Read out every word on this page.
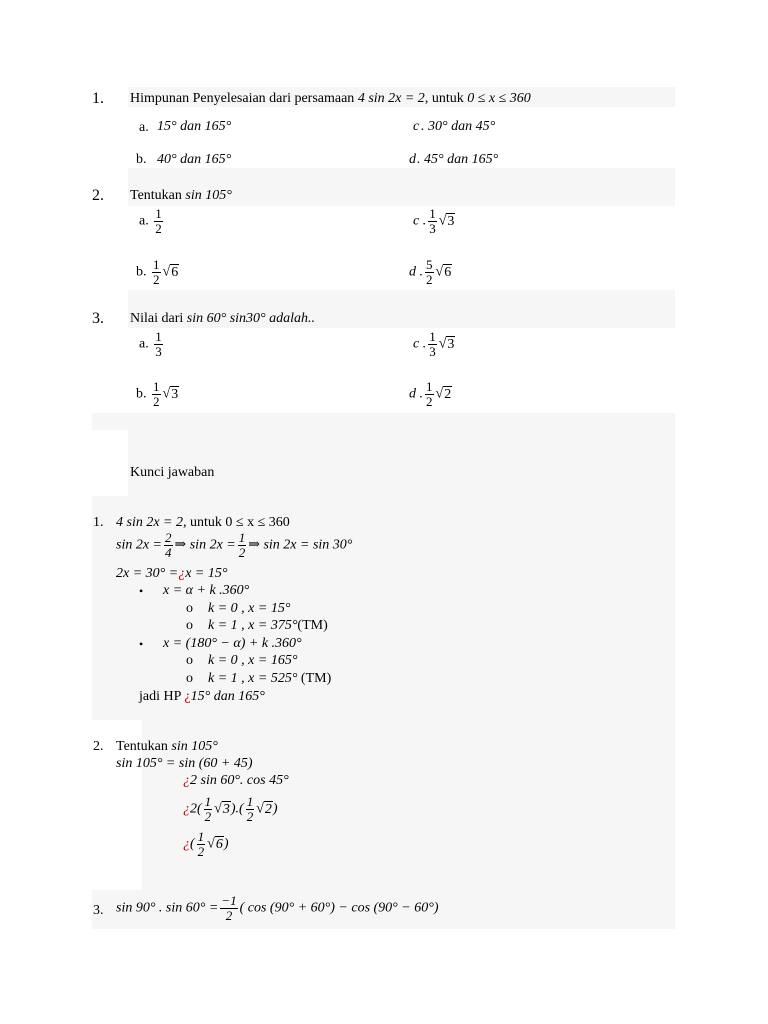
1. Himpunan Penyelesaian dari persamaan 4 sin 2x = 2, untuk 0 ≤ x ≤ 360
a. 15° dan 165°	c . 30° dan 45°
b. 40° dan 165°	d . 45° dan 165°
2. Tentukan sin 105°
a. $\frac{1}{2}$	c . $\frac{1}{3} √3$
b. $\frac{1}{2} √6$	d . $\frac{5}{2} √6$
3. Nilai dari sin 60° sin30° adalah..
a. $\frac{1}{3}$	c . $\frac{1}{3} √3$
b. $\frac{1}{2} √3$	d . $\frac{1}{2} √2$
Kunci jawaban
1. 4 sin 2x = 2, untuk 0 ≤ x ≤ 360
$\sin 2x = \frac{2}{4}$ ⇒ $\sin 2x = \frac{1}{2}$ ⇒ sin 2x = sin 30°
2x = 30° =¿x = 15°
• x = α + k .360°
o k = 0 , x = 15°
o k = 1 , x = 375°(TM)
• x = (180° − α) + k .360°
o k = 0 , x = 165°
o k = 1 , x = 525° (TM)
jadi HP ¿15° dan 165°
2. Tentukan sin 105°
sin 105° = sin (60 + 45)
¿2 sin 60°. cos 45°
¿$2( \frac{1}{2} √3).( \frac{1}{2} √2)$
¿( $\frac{1}{2} √6$)
3. sin 90° . $\sin 60^\circ = \frac{-1}{2}$ ( cos (90° + 60°) − cos (90° − 60°)
